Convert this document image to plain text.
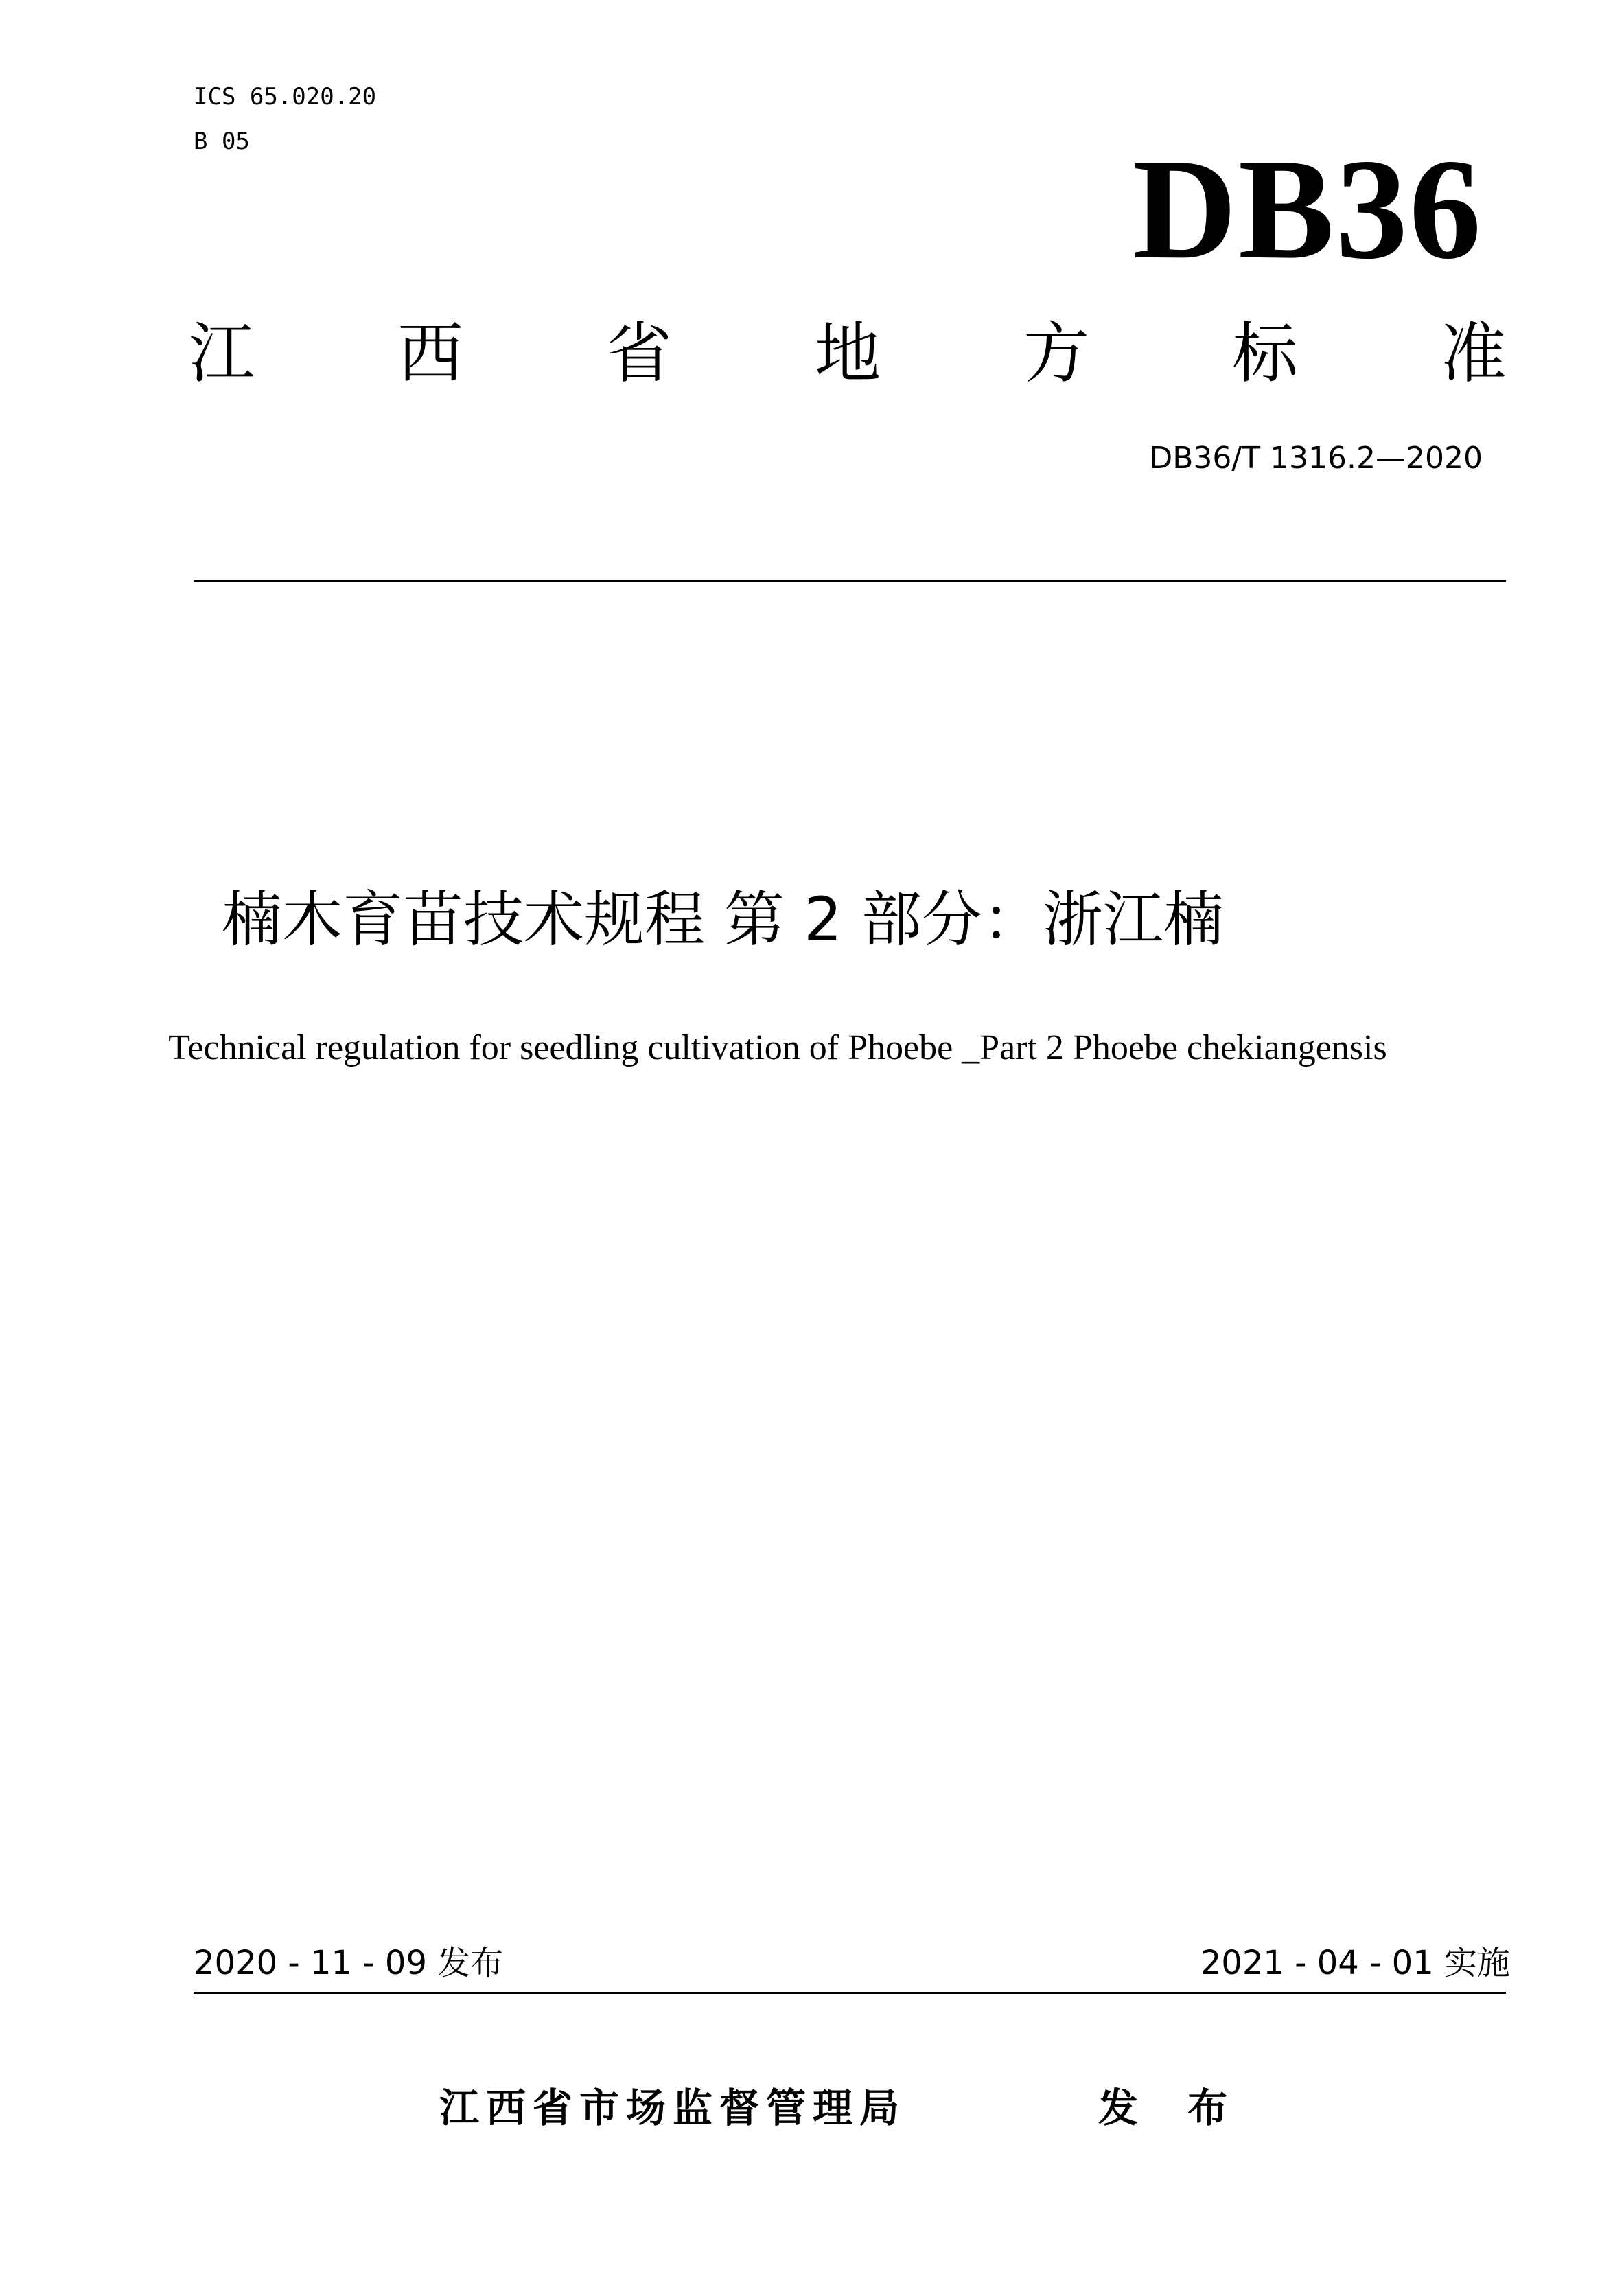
ICS 65.020.20
B 05	DB36
江 西 省 地 方 标 准
DB36/T 1316.2—2020
楠木育苗技术规程 第 2 部分：浙江楠
Technical regulation for seedling cultivation of Phoebe _Part 2 Phoebe chekiangensis
2020 - 11 - 09 发布	2021 - 04 - 01 实施
江西省市场监督管理局	发 布
